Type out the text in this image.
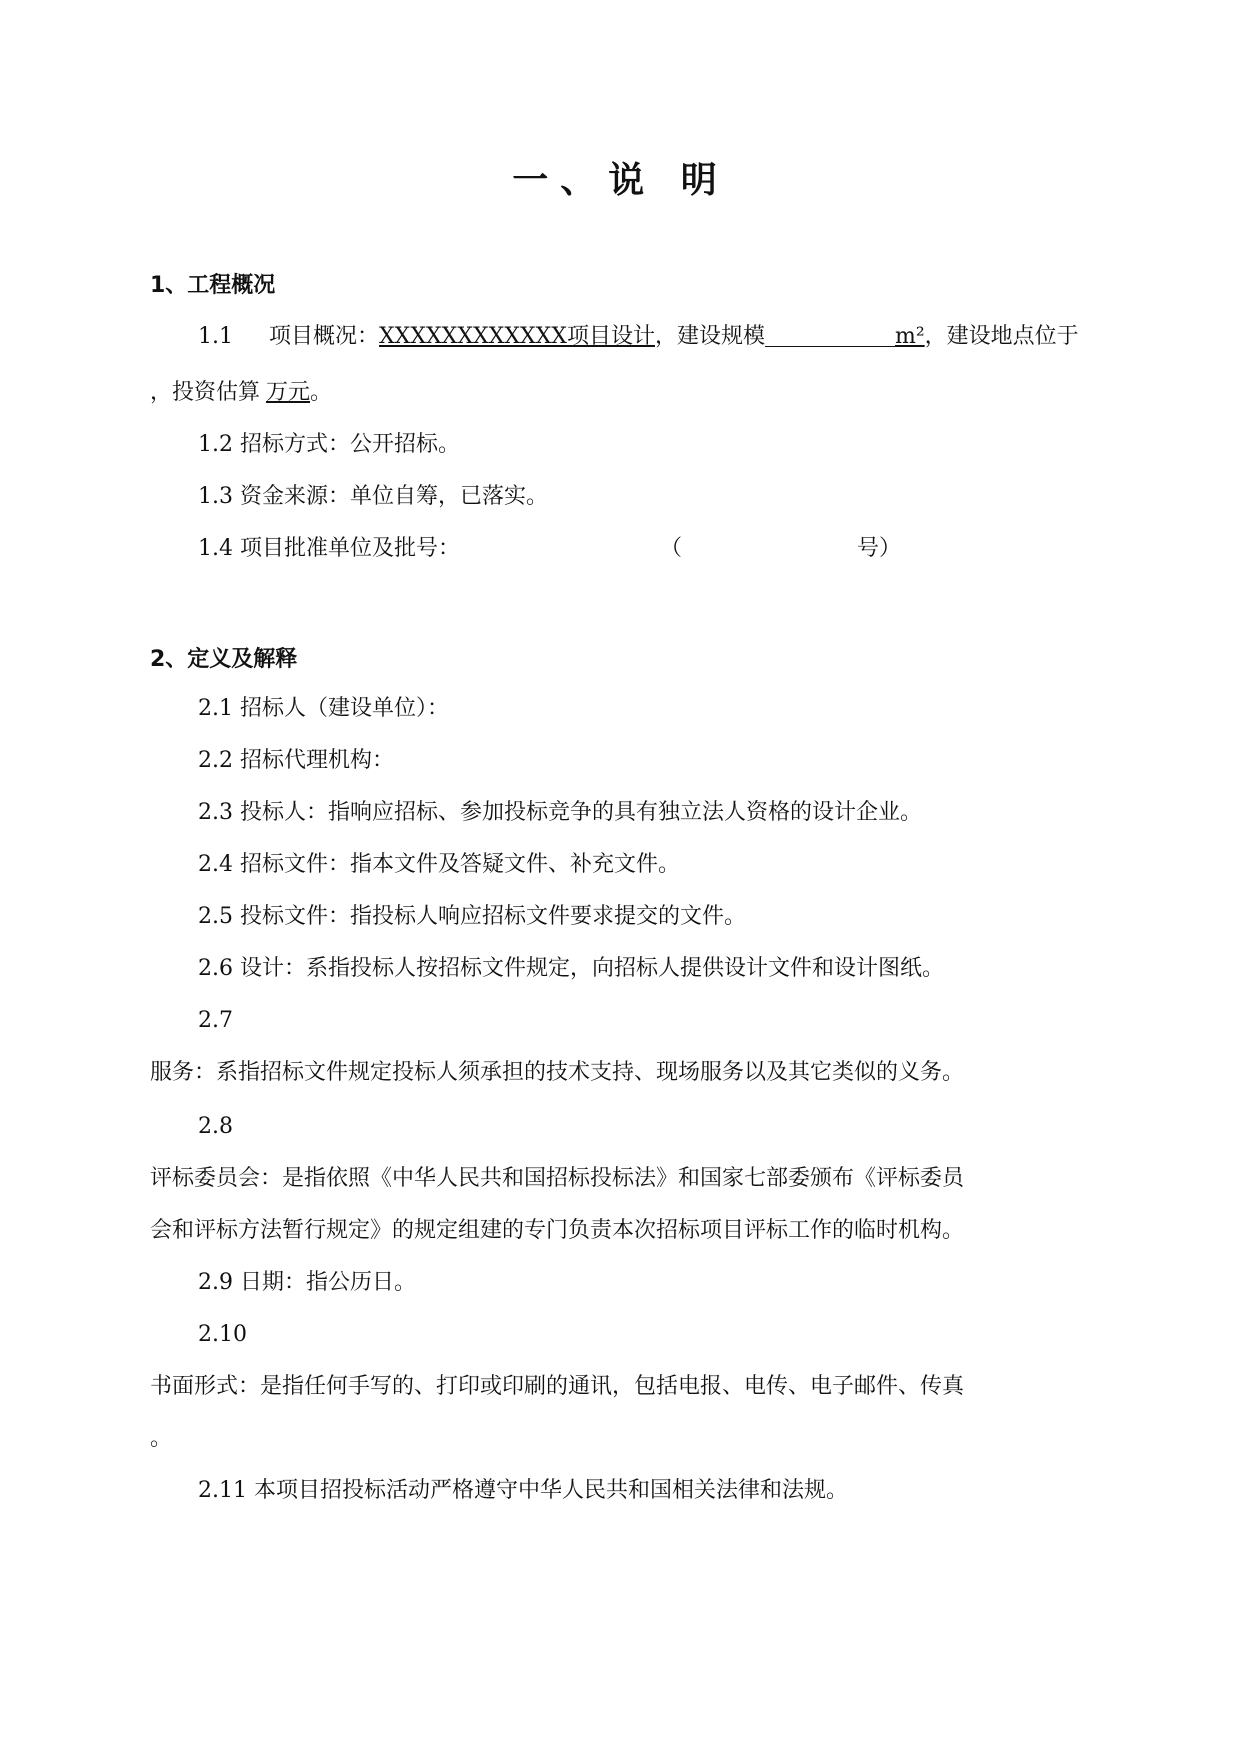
一、说 明
1、工程概况
1.1 项目概况：XXXXXXXXXXXX项目设计，建设规模	m²，建设地点位于
，投资估算 万元。
1.2 招标方式：公开招标。
1.3 资金来源：单位自筹，已落实。
1.4 项目批准单位及批号：	（	号）
2、定义及解释
2.1 招标人（建设单位）：
2.2 招标代理机构：
2.3 投标人：指响应招标、参加投标竞争的具有独立法人资格的设计企业。
2.4 招标文件：指本文件及答疑文件、补充文件。
2.5 投标文件：指投标人响应招标文件要求提交的文件。
2.6 设计：系指投标人按招标文件规定，向招标人提供设计文件和设计图纸。
2.7
服务：系指招标文件规定投标人须承担的技术支持、现场服务以及其它类似的义务。
2.8
评标委员会：是指依照《中华人民共和国招标投标法》和国家七部委颁布《评标委员
会和评标方法暂行规定》的规定组建的专门负责本次招标项目评标工作的临时机构。
2.9 日期：指公历日。
2.10
书面形式：是指任何手写的、打印或印刷的通讯，包括电报、电传、电子邮件、传真
。
2.11 本项目招投标活动严格遵守中华人民共和国相关法律和法规。
